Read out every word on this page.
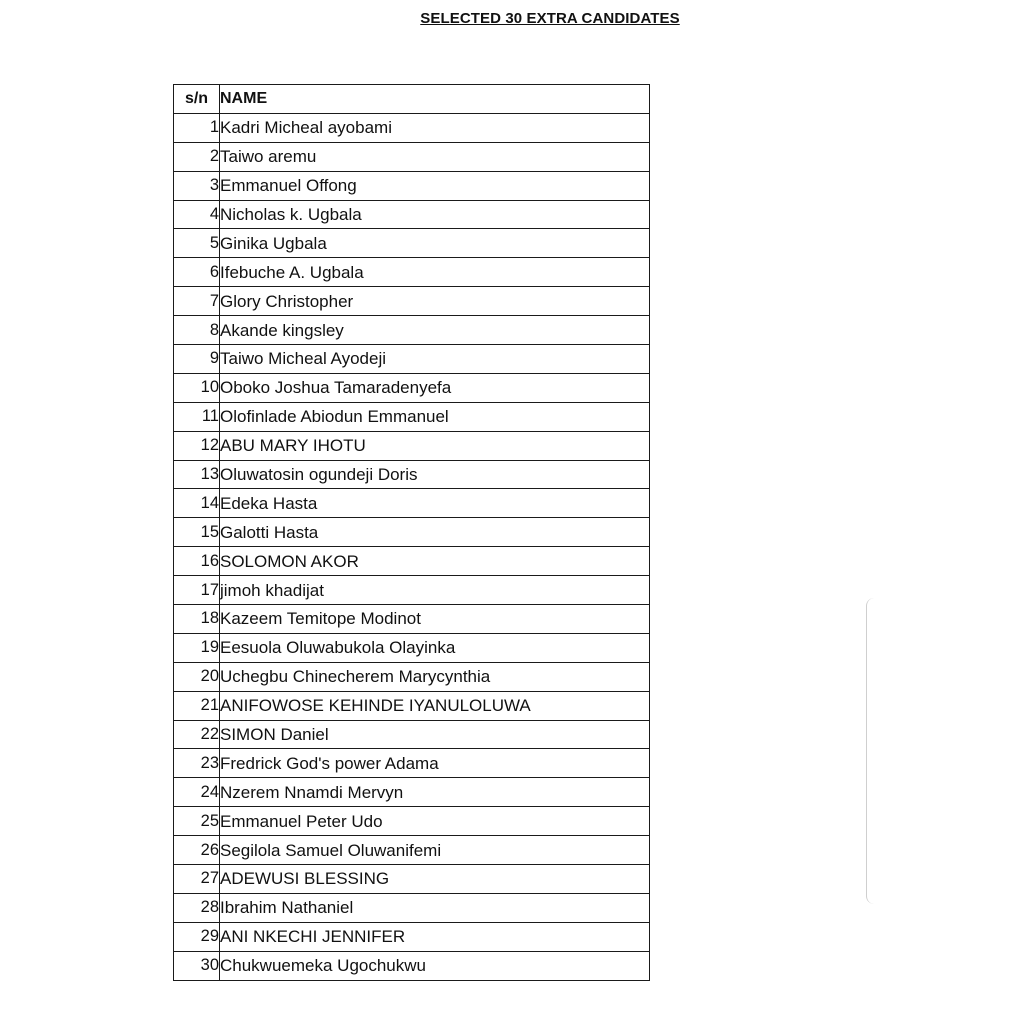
SELECTED 30 EXTRA CANDIDATES
s/n	NAME
1	Kadri Micheal ayobami
2	Taiwo aremu
3	Emmanuel Offong
4	Nicholas k. Ugbala
5	Ginika Ugbala
6	Ifebuche A. Ugbala
7	Glory Christopher
8	Akande kingsley
9	Taiwo Micheal Ayodeji
10	Oboko Joshua Tamaradenyefa
11	Olofinlade Abiodun Emmanuel
12	ABU MARY IHOTU
13	Oluwatosin ogundeji Doris
14	Edeka Hasta
15	Galotti Hasta
16	SOLOMON AKOR
17	jimoh khadijat
18	Kazeem Temitope Modinot
19	Eesuola Oluwabukola Olayinka
20	Uchegbu Chinecherem Marycynthia
21	ANIFOWOSE KEHINDE IYANULOLUWA
22	SIMON Daniel
23	Fredrick God's power Adama
24	Nzerem Nnamdi Mervyn
25	Emmanuel Peter Udo
26	Segilola Samuel Oluwanifemi
27	ADEWUSI BLESSING
28	Ibrahim Nathaniel
29	ANI NKECHI JENNIFER
30	Chukwuemeka Ugochukwu
